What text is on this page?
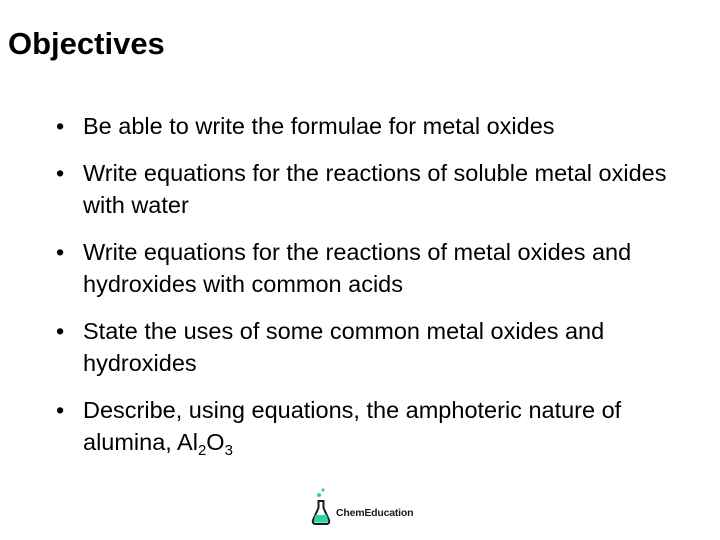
Objectives
• Be able to write the formulae for metal oxides
• Write equations for the reactions of soluble metal oxides with water
• Write equations for the reactions of metal oxides and hydroxides with common acids
• State the uses of some common metal oxides and hydroxides
• Describe, using equations, the amphoteric nature of alumina, $Al_2O_3$
ChemEducation
